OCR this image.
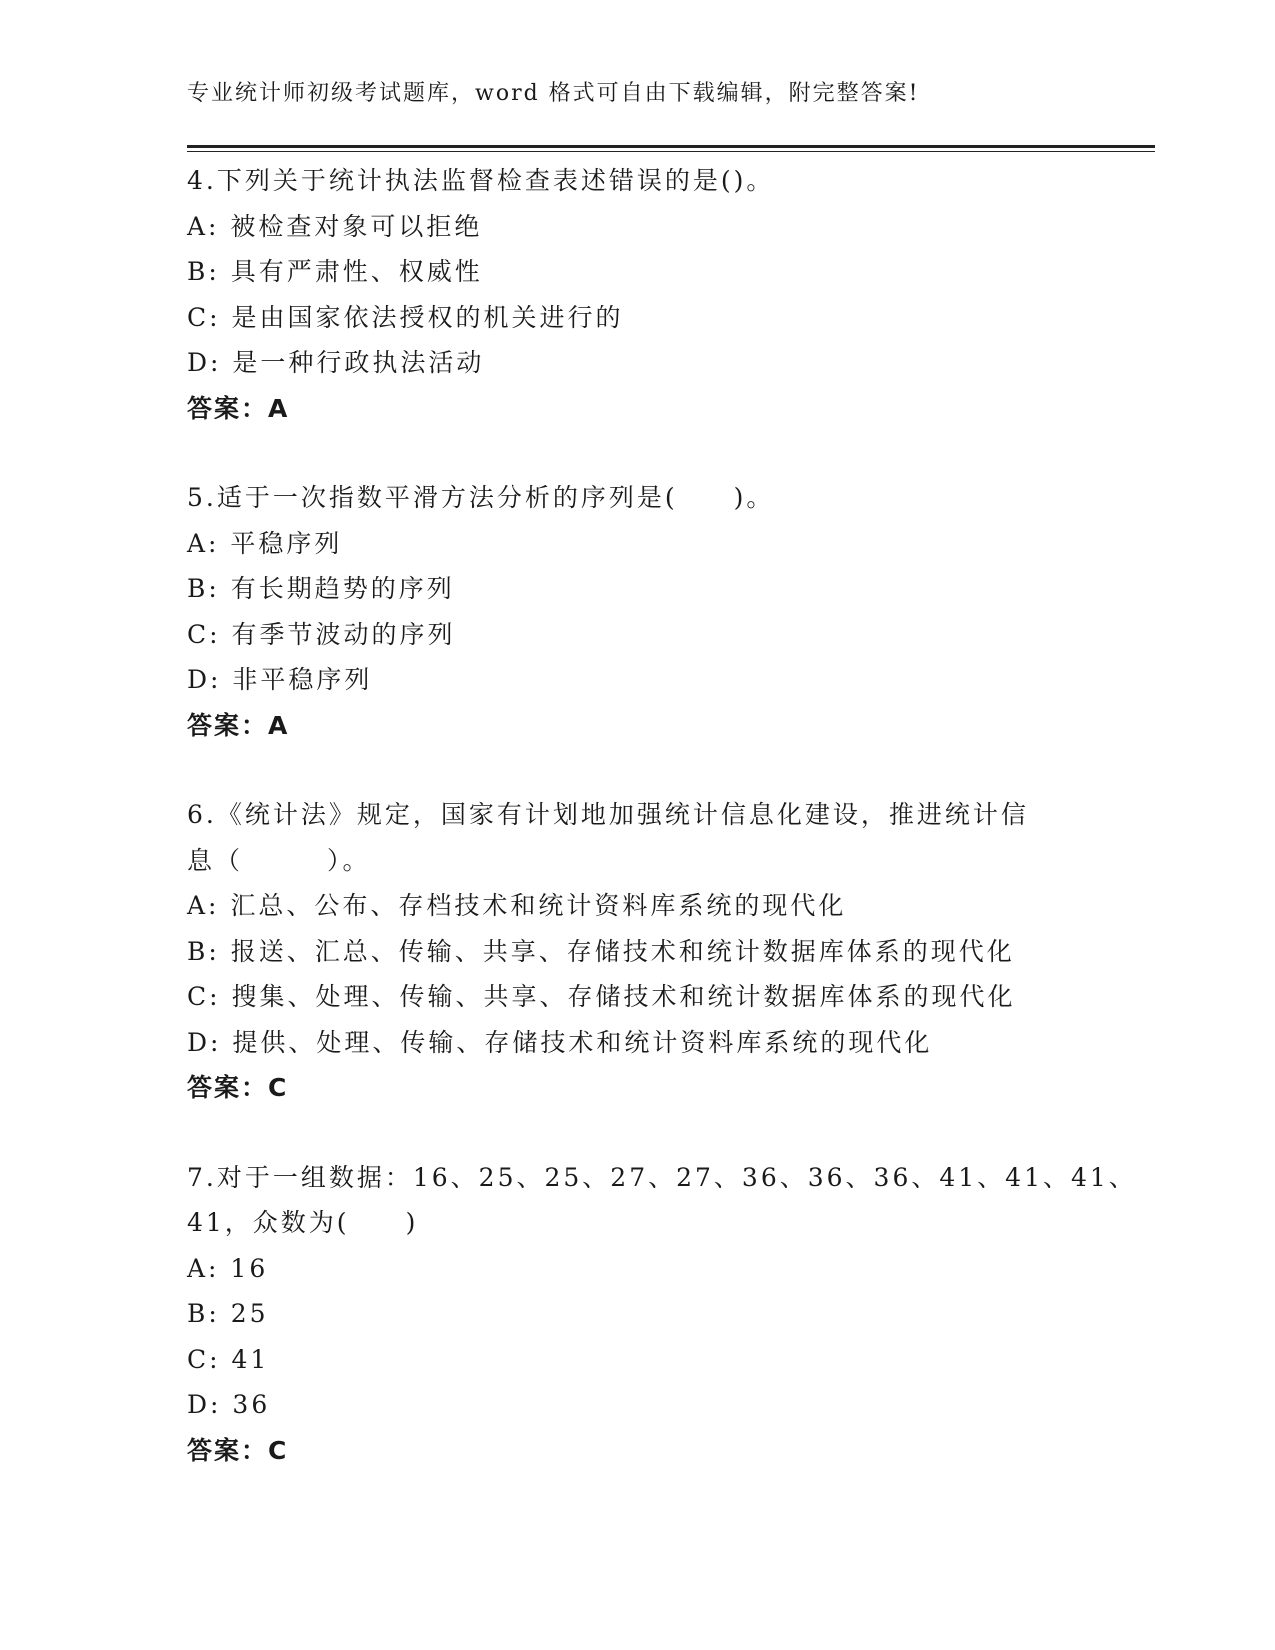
专业统计师初级考试题库，word 格式可自由下载编辑，附完整答案!
4.下列关于统计执法监督检查表述错误的是()。
A: 被检查对象可以拒绝
B: 具有严肃性、权威性
C: 是由国家依法授权的机关进行的
D: 是一种行政执法活动
答案：A
5.适于一次指数平滑方法分析的序列是(　　)。
A: 平稳序列
B: 有长期趋势的序列
C: 有季节波动的序列
D: 非平稳序列
答案：A
6.《统计法》规定，国家有计划地加强统计信息化建设，推进统计信
息（　　　）。
A: 汇总、公布、存档技术和统计资料库系统的现代化
B: 报送、汇总、传输、共享、存储技术和统计数据库体系的现代化
C: 搜集、处理、传输、共享、存储技术和统计数据库体系的现代化
D: 提供、处理、传输、存储技术和统计资料库系统的现代化
答案：C
7.对于一组数据：16、25、25、27、27、36、36、36、41、41、41、
41，众数为(　　)
A: 16
B: 25
C: 41
D: 36
答案：C
